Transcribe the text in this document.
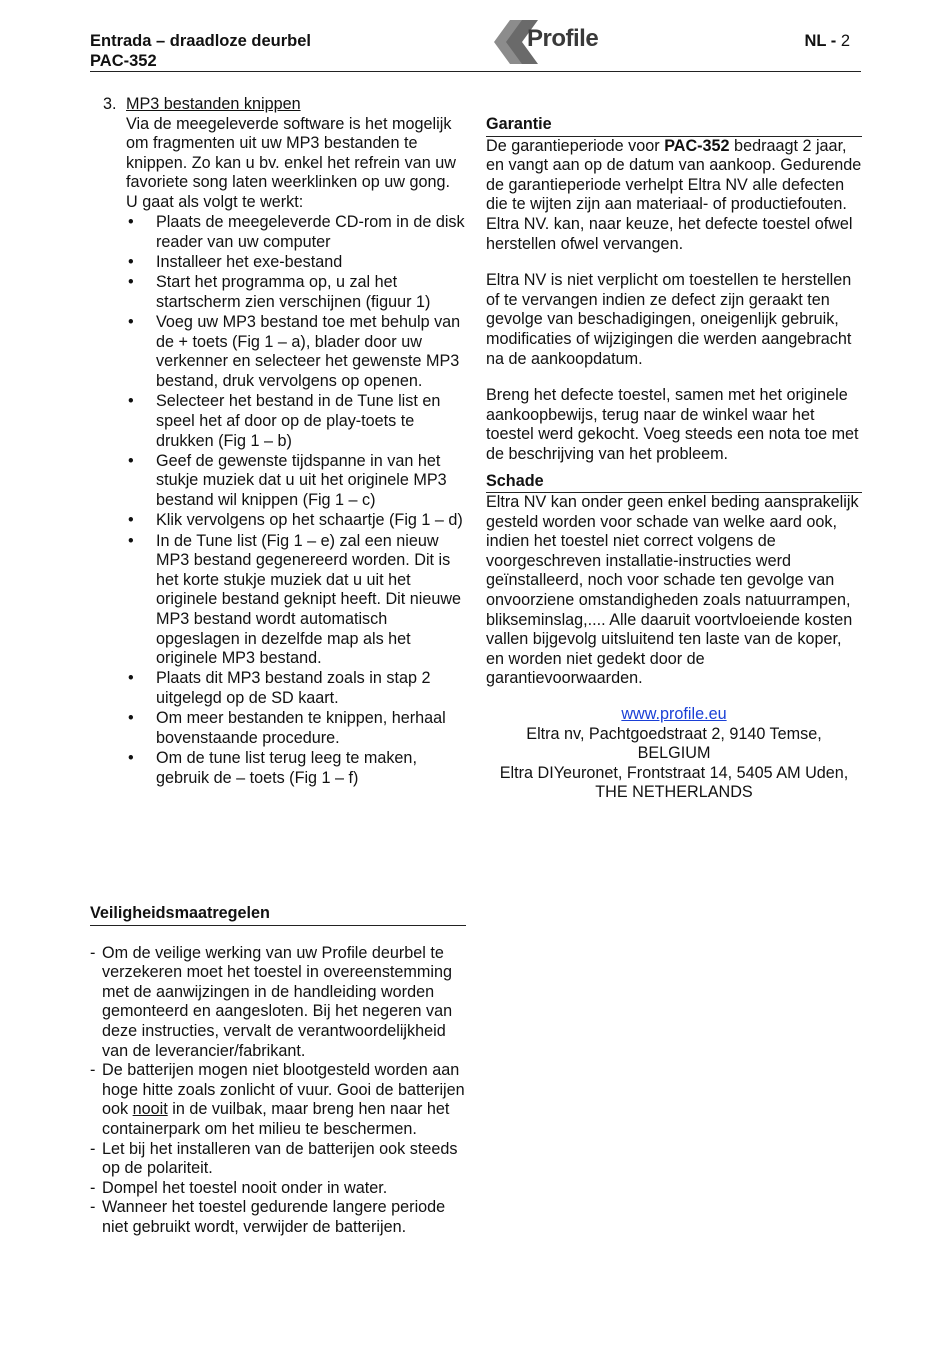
Entrada – draadloze deurbel
PAC-352
Profile	NL - 2
3. MP3 bestanden knippen
Via de meegeleverde software is het mogelijk om fragmenten uit uw MP3 bestanden te knippen. Zo kan u bv. enkel het refrein van uw favoriete song laten weerklinken op uw gong. U gaat als volgt te werkt:
• Plaats de meegeleverde CD-rom in de disk reader van uw computer
• Installeer het exe-bestand
• Start het programma op, u zal het startscherm zien verschijnen (figuur 1)
• Voeg uw MP3 bestand toe met behulp van de + toets (Fig 1 – a), blader door uw verkenner en selecteer het gewenste MP3 bestand, druk vervolgens op openen.
• Selecteer het bestand in de Tune list en speel het af door op de play-toets te drukken (Fig 1 – b)
• Geef de gewenste tijdspanne in van het stukje muziek dat u uit het originele MP3 bestand wil knippen (Fig 1 – c)
• Klik vervolgens op het schaartje (Fig 1 – d)
• In de Tune list (Fig 1 – e) zal een nieuw MP3 bestand gegenereerd worden. Dit is het korte stukje muziek dat u uit het originele bestand geknipt heeft. Dit nieuwe MP3 bestand wordt automatisch opgeslagen in dezelfde map als het originele MP3 bestand.
• Plaats dit MP3 bestand zoals in stap 2 uitgelegd op de SD kaart.
• Om meer bestanden te knippen, herhaal bovenstaande procedure.
• Om de tune list terug leeg te maken, gebruik de – toets (Fig 1 – f)
Veiligheidsmaatregelen
- Om de veilige werking van uw Profile deurbel te verzekeren moet het toestel in overeenstemming met de aanwijzingen in de handleiding worden gemonteerd en aangesloten. Bij het negeren van deze instructies, vervalt de verantwoordelijkheid van de leverancier/fabrikant.
- De batterijen mogen niet blootgesteld worden aan hoge hitte zoals zonlicht of vuur. Gooi de batterijen ook nooit in de vuilbak, maar breng hen naar het containerpark om het milieu te beschermen.
- Let bij het installeren van de batterijen ook steeds op de polariteit.
- Dompel het toestel nooit onder in water.
- Wanneer het toestel gedurende langere periode niet gebruikt wordt, verwijder de batterijen.
Garantie

De garantieperiode voor PAC-352 bedraagt 2 jaar, en vangt aan op de datum van aankoop. Gedurende de garantieperiode verhelpt Eltra NV alle defecten die te wijten zijn aan materiaal- of productiefouten. Eltra NV. kan, naar keuze, het defecte toestel ofwel herstellen ofwel vervangen.

Eltra NV is niet verplicht om toestellen te herstellen of te vervangen indien ze defect zijn geraakt ten gevolge van beschadigingen, oneigenlijk gebruik, modificaties of wijzigingen die werden aangebracht na de aankoopdatum.

Breng het defecte toestel, samen met het originele aankoopbewijs, terug naar de winkel waar het toestel werd gekocht. Voeg steeds een nota toe met de beschrijving van het probleem.

Schade

Eltra NV kan onder geen enkel beding aansprakelijk gesteld worden voor schade van welke aard ook, indien het toestel niet correct volgens de voorgeschreven installatie-instructies werd geïnstalleerd, noch voor schade ten gevolge van onvoorziene omstandigheden zoals natuurrampen, blikseminslag,.... Alle daaruit voortvloeiende kosten vallen bijgevolg uitsluitend ten laste van de koper, en worden niet gedekt door de garantievoorwaarden.

www.profile.eu
Eltra nv, Pachtgoedstraat 2, 9140 Temse,
BELGIUM
Eltra DIYeuronet, Frontstraat 14, 5405 AM Uden,
THE NETHERLANDS
